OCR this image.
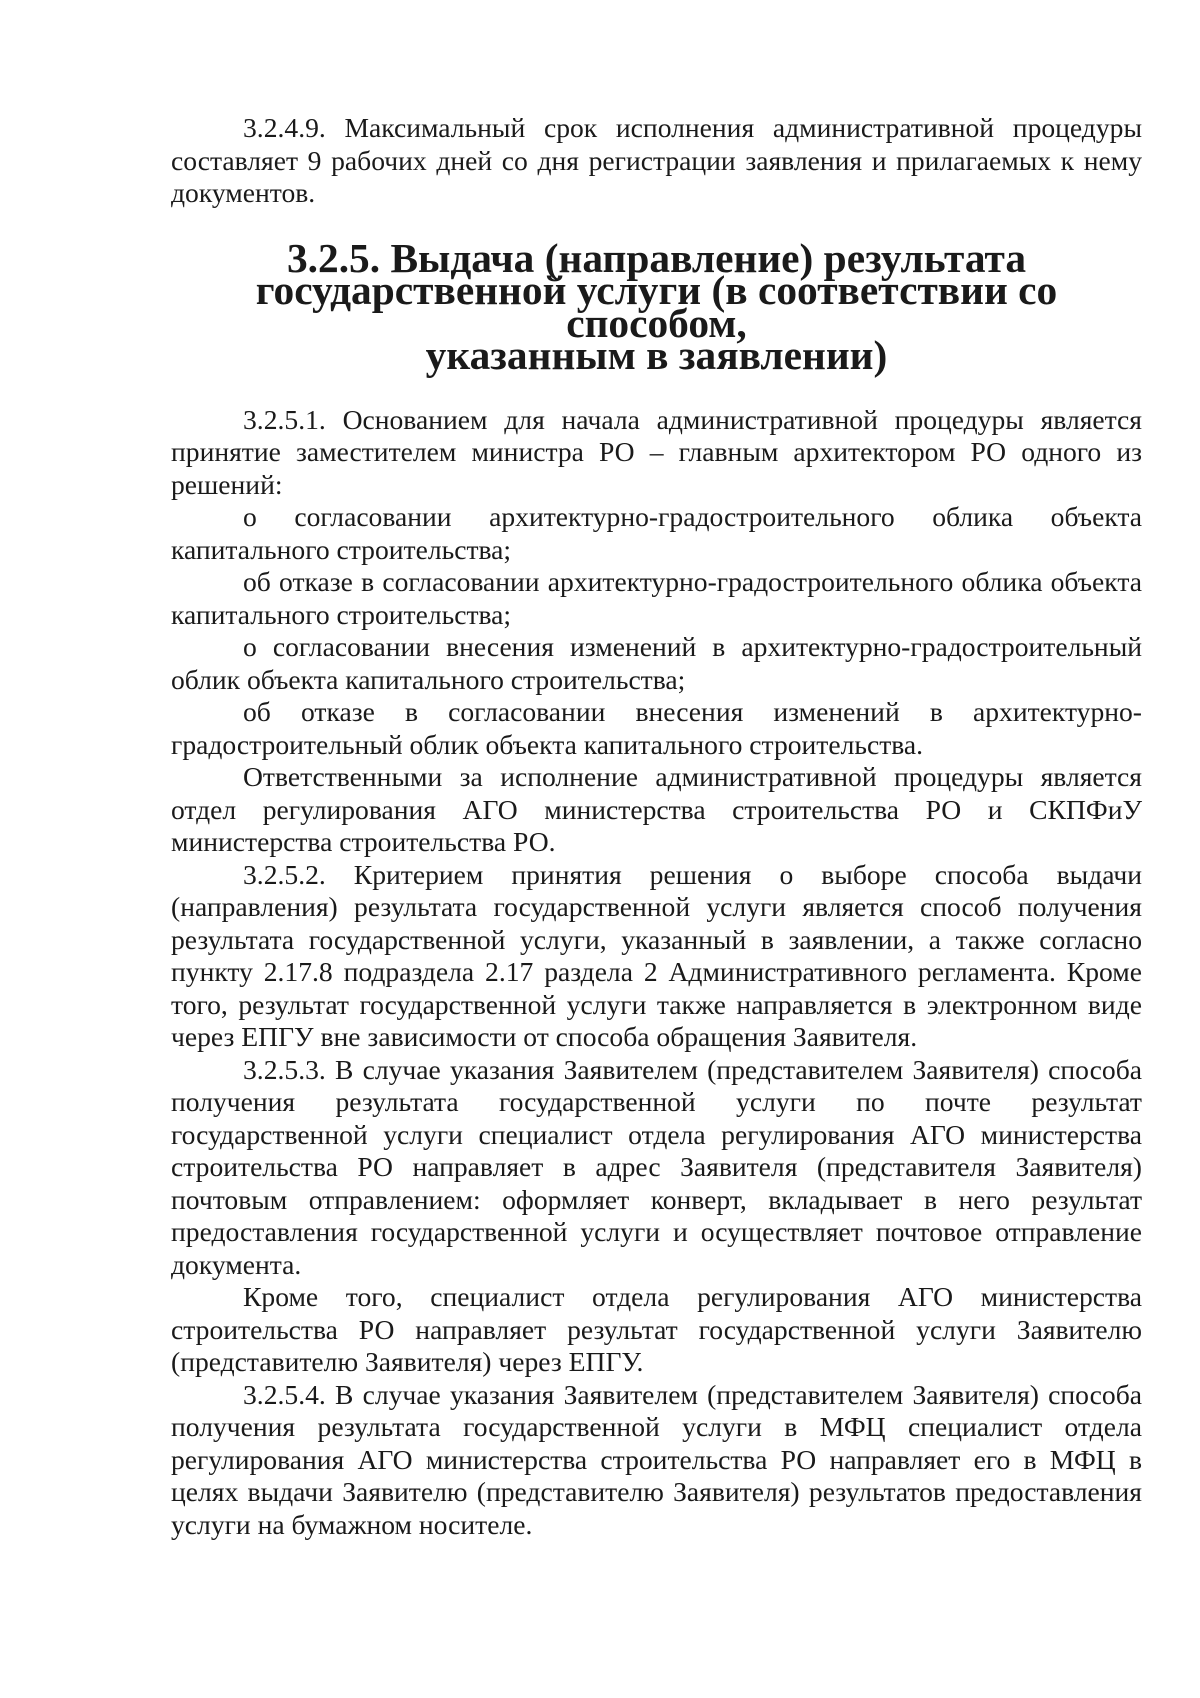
3.2.4.9. Максимальный срок исполнения административной процедуры составляет 9 рабочих дней со дня регистрации заявления и прилагаемых к нему документов.

3.2.5. Выдача (направление) результата
государственной услуги (в соответствии со способом,
указанным в заявлении)

3.2.5.1. Основанием для начала административной процедуры является принятие заместителем министра РО – главным архитектором РО одного из решений:

о согласовании архитектурно-градостроительного облика объекта капитального строительства;

об отказе в согласовании архитектурно-градостроительного облика объекта капитального строительства;

о согласовании внесения изменений в архитектурно-градостроительный облик объекта капитального строительства;

об отказе в согласовании внесения изменений в архитектурно-градостроительный облик объекта капитального строительства.

Ответственными за исполнение административной процедуры является отдел регулирования АГО министерства строительства РО и СКПФиУ министерства строительства РО.

3.2.5.2. Критерием принятия решения о выборе способа выдачи (направления) результата государственной услуги является способ получения результата государственной услуги, указанный в заявлении, а также согласно пункту 2.17.8 подраздела 2.17 раздела 2 Административного регламента. Кроме того, результат государственной услуги также направляется в электронном виде через ЕПГУ вне зависимости от способа обращения Заявителя.

3.2.5.3. В случае указания Заявителем (представителем Заявителя) способа получения результата государственной услуги по почте результат государственной услуги специалист отдела регулирования АГО министерства строительства РО направляет в адрес Заявителя (представителя Заявителя) почтовым отправлением: оформляет конверт, вкладывает в него результат предоставления государственной услуги и осуществляет почтовое отправление документа.

Кроме того, специалист отдела регулирования АГО министерства строительства РО направляет результат государственной услуги Заявителю (представителю Заявителя) через ЕПГУ.

3.2.5.4. В случае указания Заявителем (представителем Заявителя) способа получения результата государственной услуги в МФЦ специалист отдела регулирования АГО министерства строительства РО направляет его в МФЦ в целях выдачи Заявителю (представителю Заявителя) результатов предоставления услуги на бумажном носителе.
